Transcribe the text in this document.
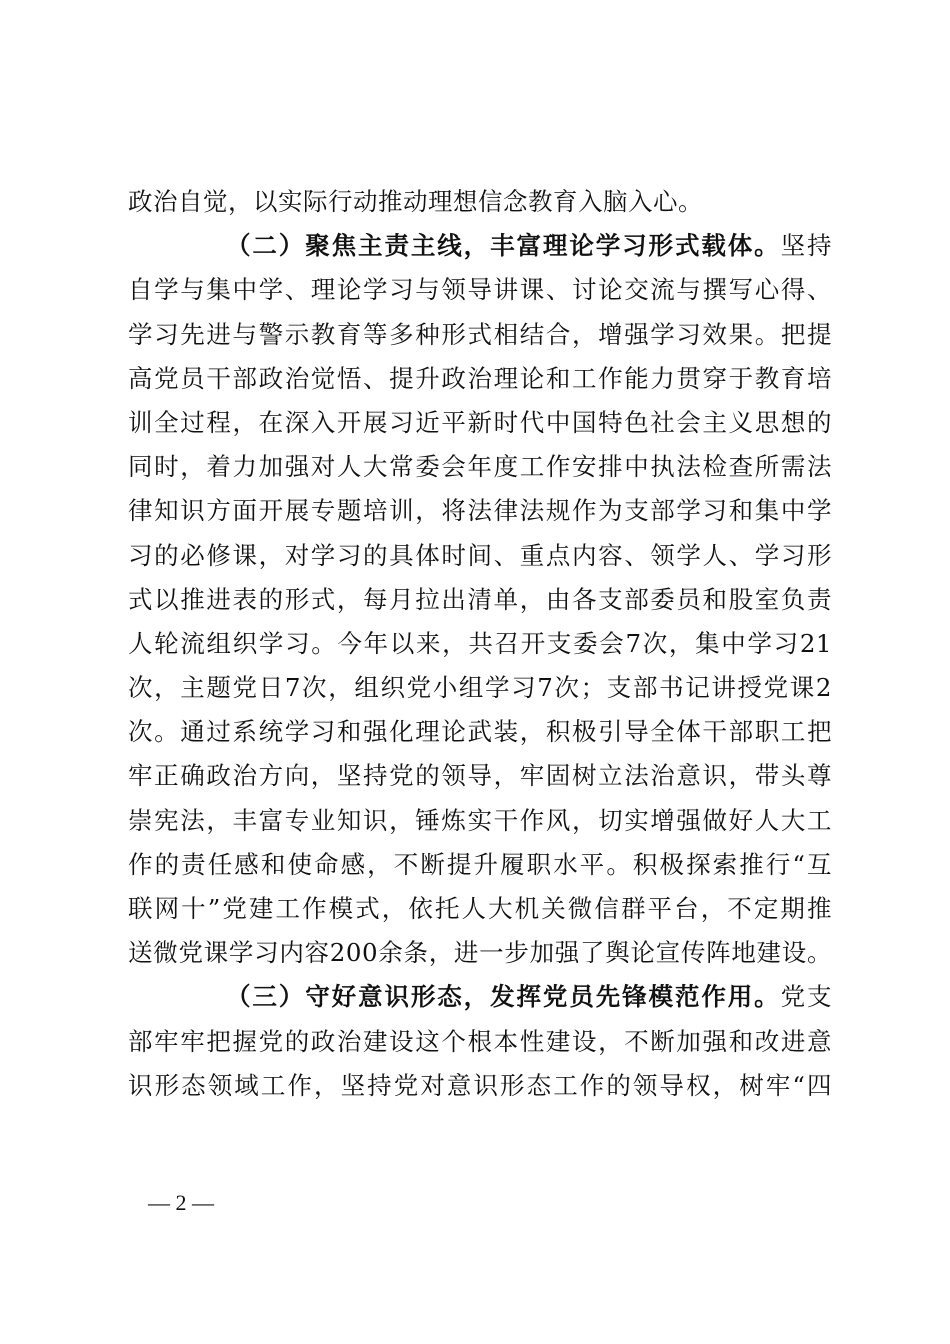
政治自觉，以实际行动推动理想信念教育入脑入心。
（二）聚焦主责主线，丰富理论学习形式载体。坚持
自学与集中学、理论学习与领导讲课、讨论交流与撰写心得、
学习先进与警示教育等多种形式相结合，增强学习效果。把提
高党员干部政治觉悟、提升政治理论和工作能力贯穿于教育培
训全过程，在深入开展习近平新时代中国特色社会主义思想的
同时，着力加强对人大常委会年度工作安排中执法检查所需法
律知识方面开展专题培训，将法律法规作为支部学习和集中学
习的必修课，对学习的具体时间、重点内容、领学人、学习形
式以推进表的形式，每月拉出清单，由各支部委员和股室负责
人轮流组织学习。今年以来，共召开支委会7次，集中学习21
次，主题党日7次，组织党小组学习7次；支部书记讲授党课2
次。通过系统学习和强化理论武装，积极引导全体干部职工把
牢正确政治方向，坚持党的领导，牢固树立法治意识，带头尊
崇宪法，丰富专业知识，锤炼实干作风，切实增强做好人大工
作的责任感和使命感，不断提升履职水平。积极探索推行“互
联网十”党建工作模式，依托人大机关微信群平台，不定期推
送微党课学习内容200余条，进一步加强了舆论宣传阵地建设。
（三）守好意识形态，发挥党员先锋模范作用。党支
部牢牢把握党的政治建设这个根本性建设，不断加强和改进意
识形态领域工作，坚持党对意识形态工作的领导权，树牢“四
— 2 —
